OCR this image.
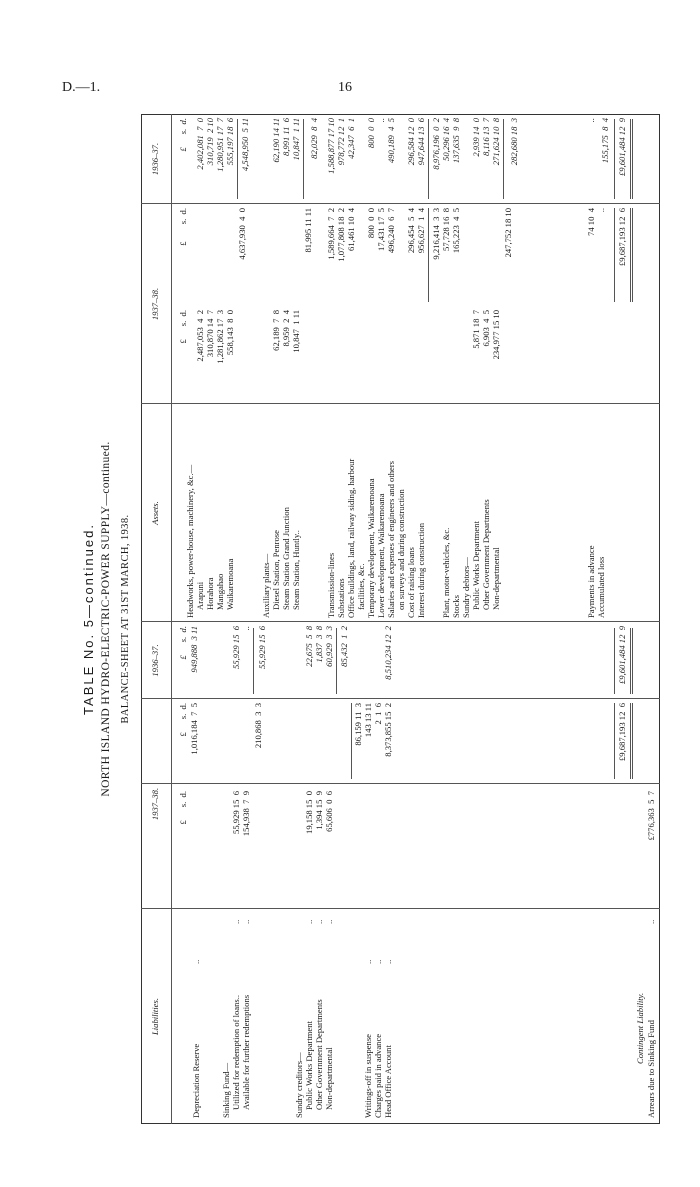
D.—1.	16
TABLE No. 5—continued. NORTH ISLAND HYDRO-ELECTRIC-POWER SUPPLY—continued. BALANCE-SHEET AT 31ST MARCH, 1938.
Liabilities.
1937–38.
1936–37.
Assets.
1937–38.
1936–37.
£      s.  d.
£      s.  d.
£      s.  d.
£      s.  d.
£        s.  d.
£      s.  d.
Depreciation Reserve
..
1,016,184  7  5
949,888  3 11
Sinking Fund— Utilized for redemption of loans..
..
55,929 15  6
55,929 15  6
Available for further redemptions
..
154,938  7  9
..
210,868  3  3
55,929 15  6
Sundry creditors— Public Works Department
..
19,158 15  0
22,675  5  8
Other Government Departments
..
1,394 15  9
1,837  3  8
Non-departmental
..
65,606  0  6
60,929  3  3 85,432  1  2
86,159 11  3
Writings-off in suspense
..
143 13 11
Charges paid in advance
..
2  1  6
Head Office Account
..
8,373,855 15  2
8,510,234 12  2
£9,687,193 12  6
£9,601,484 12  9
Contingent Liability. Arrears due to Sinking Fund
..
£776,363  5  7
Headworks, power-house, machinery, &c.— Arapuni
2,487,053  4  2
2,402,081  7  0
Horahora
310,870 14  7
310,719  2 10
Mangahao
1,281,862 17  3
1,280,951 17  7
Waikaremoana
558,143  8  0
555,197 18  6
4,637,930  4  0
4,548,950  5 11
Auxiliary plants— Diesel Station, Penrose
62,189  7  8
62,190 14 11
Steam Station Grand Junction
8,959  2  4
8,991 11  6
Steam Station, Huntly..
10,847  1 11
10,847  1 11
81,995 11 11
82,029  8  4
Transmission-lines
1,589,664  7  2
1,588,877 17 10
Substations
1,077,808 18  2
978,772 12  1
Office buildings, land, railway siding, harbour
61,461 10  4
42,347  6  1
facilities, &c. Temporary development, Waikaremoana
800  0  0
800  0  0
Lower development, Waikaremoana
17,431 17  5
..
Salaries and expenses of engineers and others
496,240  6  7
490,189  4  5
on surveys and during construction Cost of raising loans
296,454  5  4
296,584 12  0
Interest during construction
956,627  1  4
947,644 13  6
9,216,414  3  3
8,976,196  0  2
Plant, motor-vehicles, &c.
57,728 16  8
50,296 16  4
Stocks
165,223  4  5
137,635  9  8
Sundry debtors— Public Works Department
5,871 18  7
2,939 14  0
Other Government Departments
6,903  4  5
8,116 13  7
Non-departmental
234,977 15 10
271,624 10  8
247,752 18 10
282,680 18  3
Payments in advance
74 10  4
..
Accumulated loss
..
155,175  8  4
£9,687,193 12  6
£9,601,484 12  9
